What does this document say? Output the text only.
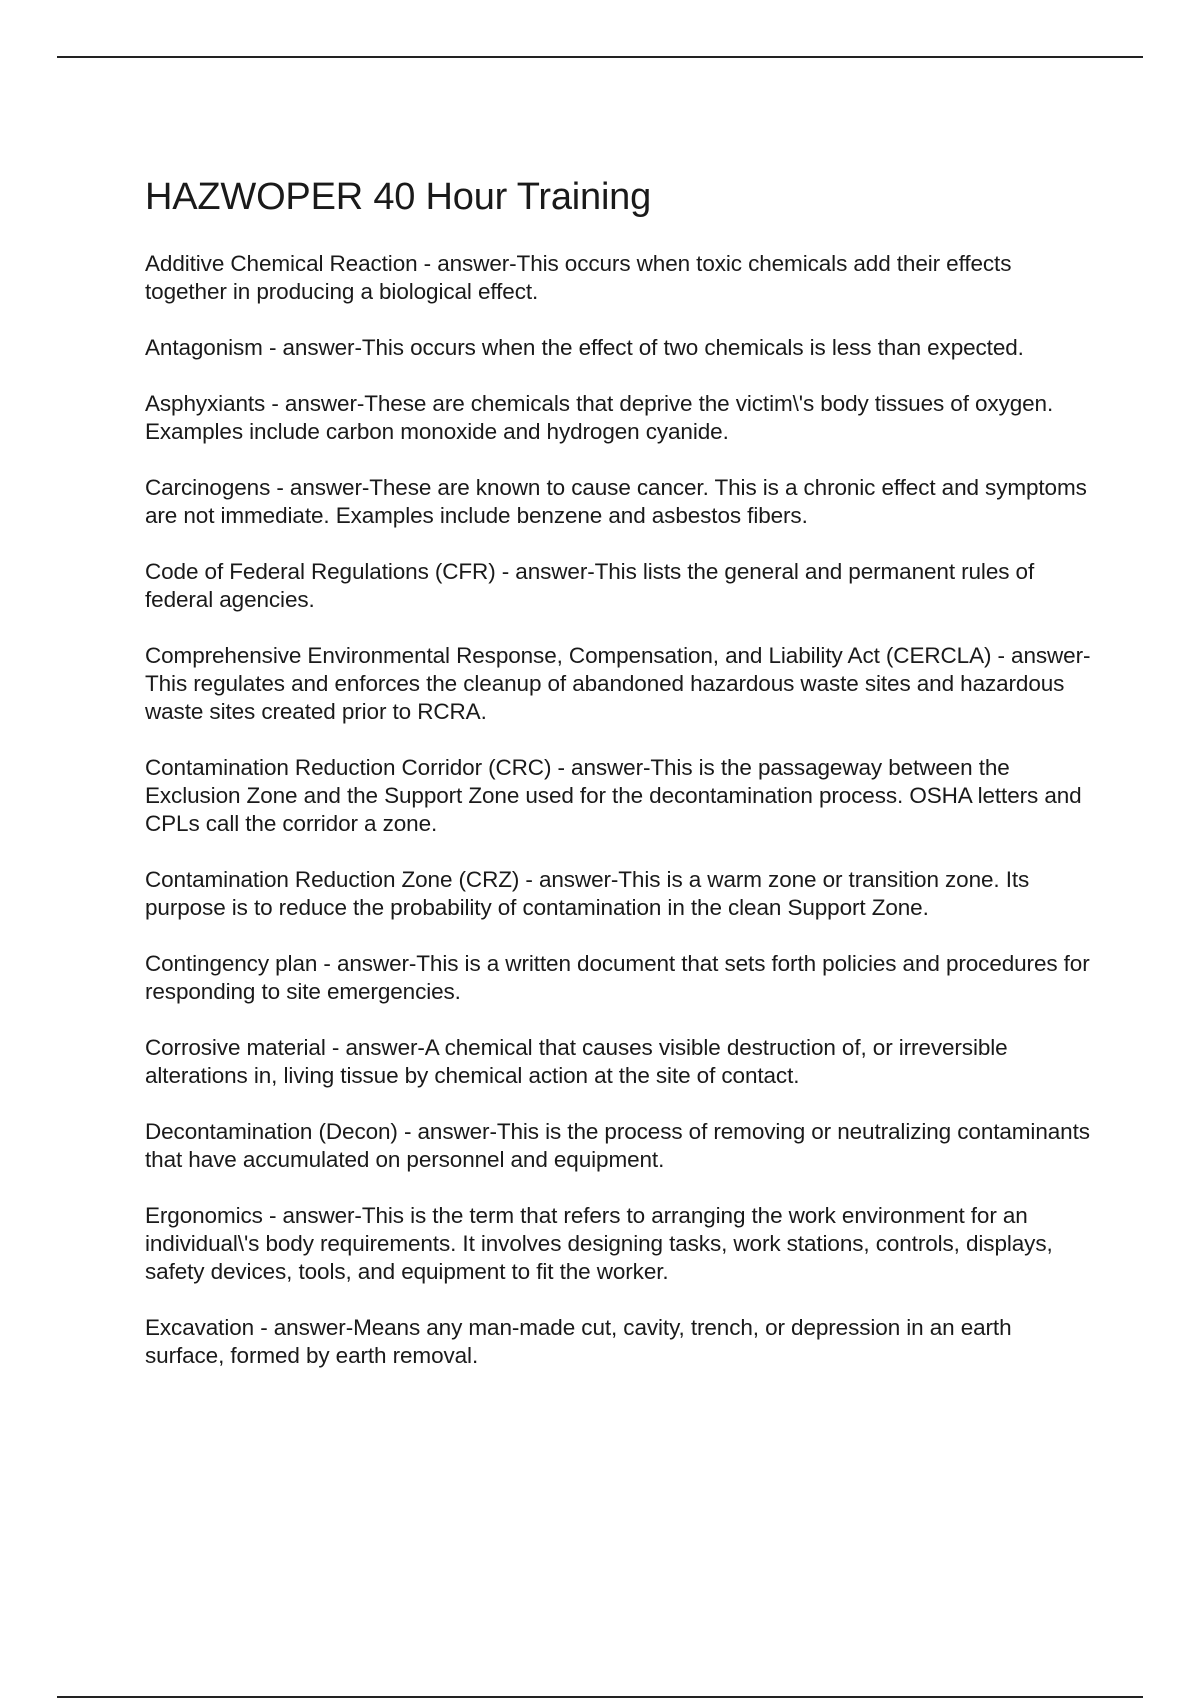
HAZWOPER 40 Hour Training
Additive Chemical Reaction - answer-This occurs when toxic chemicals add their effects together in producing a biological effect.
Antagonism - answer-This occurs when the effect of two chemicals is less than expected.
Asphyxiants - answer-These are chemicals that deprive the victim\'s body tissues of oxygen. Examples include carbon monoxide and hydrogen cyanide.
Carcinogens - answer-These are known to cause cancer. This is a chronic effect and symptoms are not immediate. Examples include benzene and asbestos fibers.
Code of Federal Regulations (CFR) - answer-This lists the general and permanent rules of federal agencies.
Comprehensive Environmental Response, Compensation, and Liability Act (CERCLA) - answer-This regulates and enforces the cleanup of abandoned hazardous waste sites and hazardous waste sites created prior to RCRA.
Contamination Reduction Corridor (CRC) - answer-This is the passageway between the Exclusion Zone and the Support Zone used for the decontamination process. OSHA letters and CPLs call the corridor a zone.
Contamination Reduction Zone (CRZ) - answer-This is a warm zone or transition zone. Its purpose is to reduce the probability of contamination in the clean Support Zone.
Contingency plan - answer-This is a written document that sets forth policies and procedures for responding to site emergencies.
Corrosive material - answer-A chemical that causes visible destruction of, or irreversible alterations in, living tissue by chemical action at the site of contact.
Decontamination (Decon) - answer-This is the process of removing or neutralizing contaminants that have accumulated on personnel and equipment.
Ergonomics - answer-This is the term that refers to arranging the work environment for an individual\'s body requirements. It involves designing tasks, work stations, controls, displays, safety devices, tools, and equipment to fit the worker.
Excavation - answer-Means any man-made cut, cavity, trench, or depression in an earth surface, formed by earth removal.
